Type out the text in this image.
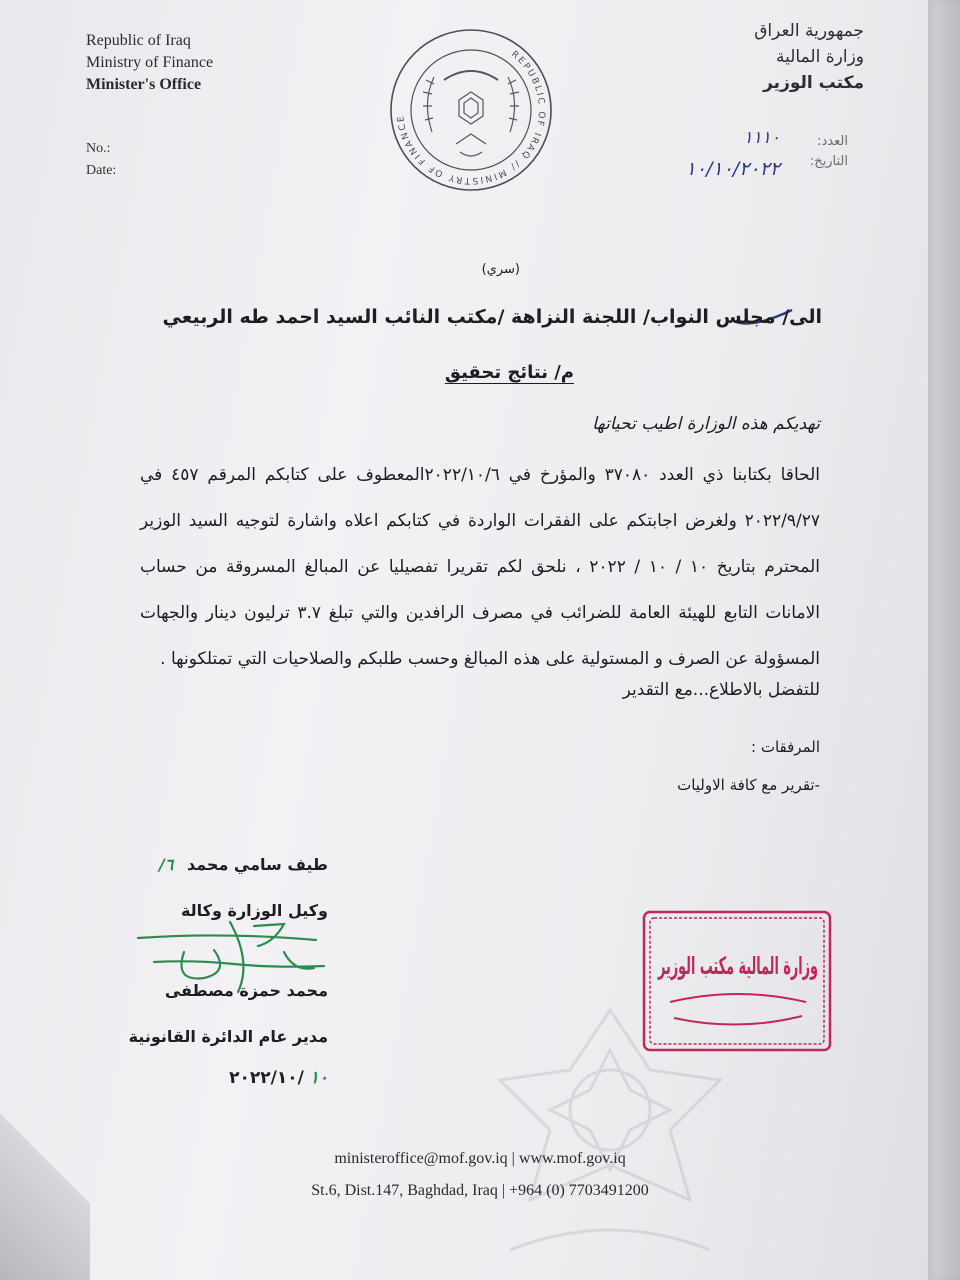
Republic of Iraq
Ministry of Finance
Minister's Office
جمهورية العراق
وزارة المالية
مكتب الوزير
REPUBLIC OF IRAQ // MINISTRY OF FINANCE
No.:
Date:
العدد:
التاريخ:
١١١٠
١٠/١٠/٢٠٢٢
(سري)
الى/ مجلس النواب/ اللجنة النزاهة /مكتب النائب السيد احمد طه الربيعي
م/ نتائج تحقيق
تهديكم هذه الوزارة اطيب تحياتها
الحاقا بكتابنا ذي العدد ٣٧٠٨٠ والمؤرخ في ٢٠٢٢/١٠/٦المعطوف على كتابكم المرقم ٤٥٧ في ٢٠٢٢/٩/٢٧ ولغرض اجابتكم على الفقرات الواردة في كتابكم اعلاه واشارة لتوجيه السيد الوزير المحترم بتاريخ ١٠ / ١٠ / ٢٠٢٢ ، نلحق لكم تقريرا تفصيليا عن المبالغ المسروقة من حساب الامانات التابع للهيئة العامة للضرائب في مصرف الرافدين والتي تبلغ ٣.٧ ترليون دينار والجهات المسؤولة عن الصرف و المستولية على هذه المبالغ وحسب طلبكم والصلاحيات التي تمتلكونها .
للتفضل بالاطلاع...مع التقدير
المرفقات :
-تقرير مع كافة الاوليات
طيف سامي محمد ٦/
وكيل الوزارة وكالة
محمد حمزة مصطفى
مدير عام الدائرة القانونية
١٠ /٢٠٢٢/١٠
وزارة المالية مكتب الوزير
ministeroffice@mof.gov.iq | www.mof.gov.iq
St.6, Dist.147, Baghdad, Iraq | +964 (0) 7703491200
